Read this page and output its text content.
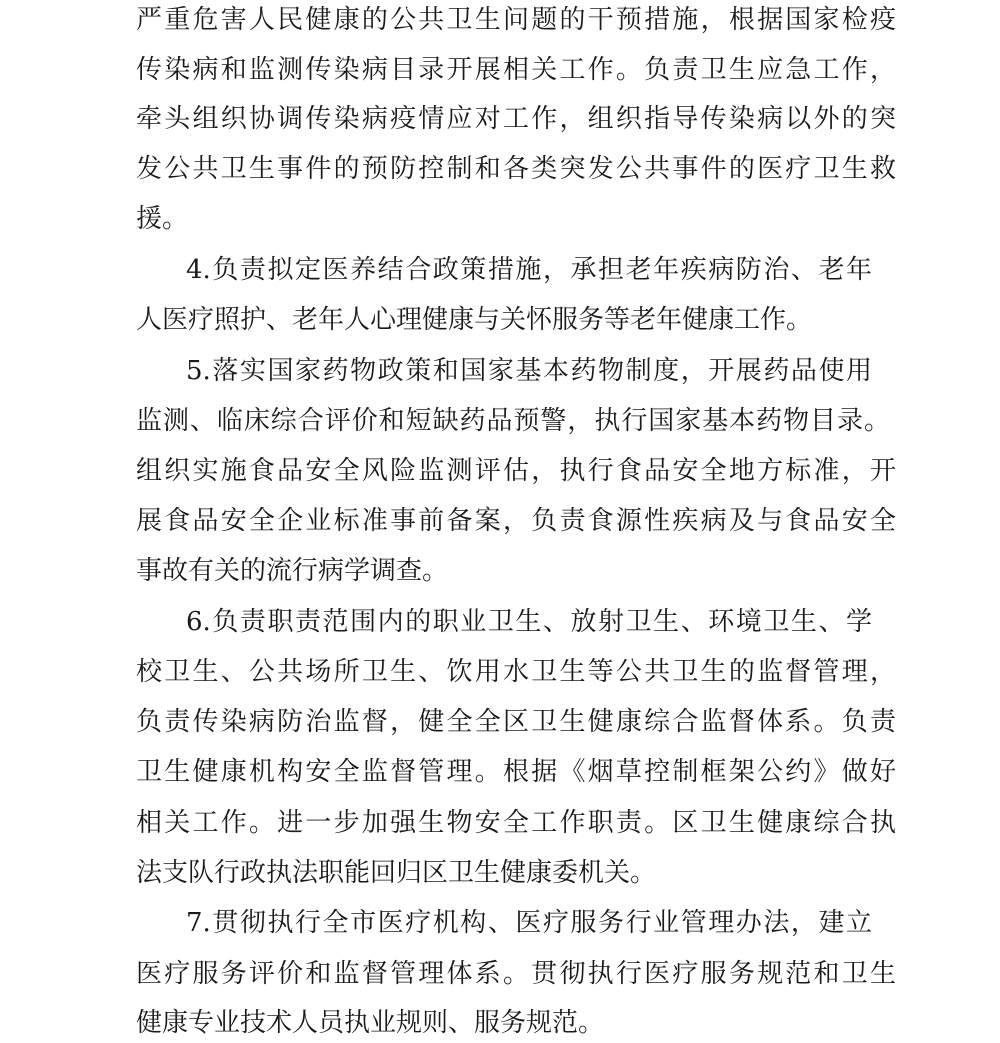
严重危害人民健康的公共卫生问题的干预措施，根据国家检疫
传染病和监测传染病目录开展相关工作。负责卫生应急工作，
牵头组织协调传染病疫情应对工作，组织指导传染病以外的突
发公共卫生事件的预防控制和各类突发公共事件的医疗卫生救
援。
4.负责拟定医养结合政策措施，承担老年疾病防治、老年
人医疗照护、老年人心理健康与关怀服务等老年健康工作。
5.落实国家药物政策和国家基本药物制度，开展药品使用
监测、临床综合评价和短缺药品预警，执行国家基本药物目录。
组织实施食品安全风险监测评估，执行食品安全地方标准，开
展食品安全企业标准事前备案，负责食源性疾病及与食品安全
事故有关的流行病学调查。
6.负责职责范围内的职业卫生、放射卫生、环境卫生、学
校卫生、公共场所卫生、饮用水卫生等公共卫生的监督管理，
负责传染病防治监督，健全全区卫生健康综合监督体系。负责
卫生健康机构安全监督管理。根据《烟草控制框架公约》做好
相关工作。进一步加强生物安全工作职责。区卫生健康综合执
法支队行政执法职能回归区卫生健康委机关。
7.贯彻执行全市医疗机构、医疗服务行业管理办法，建立
医疗服务评价和监督管理体系。贯彻执行医疗服务规范和卫生
健康专业技术人员执业规则、服务规范。
